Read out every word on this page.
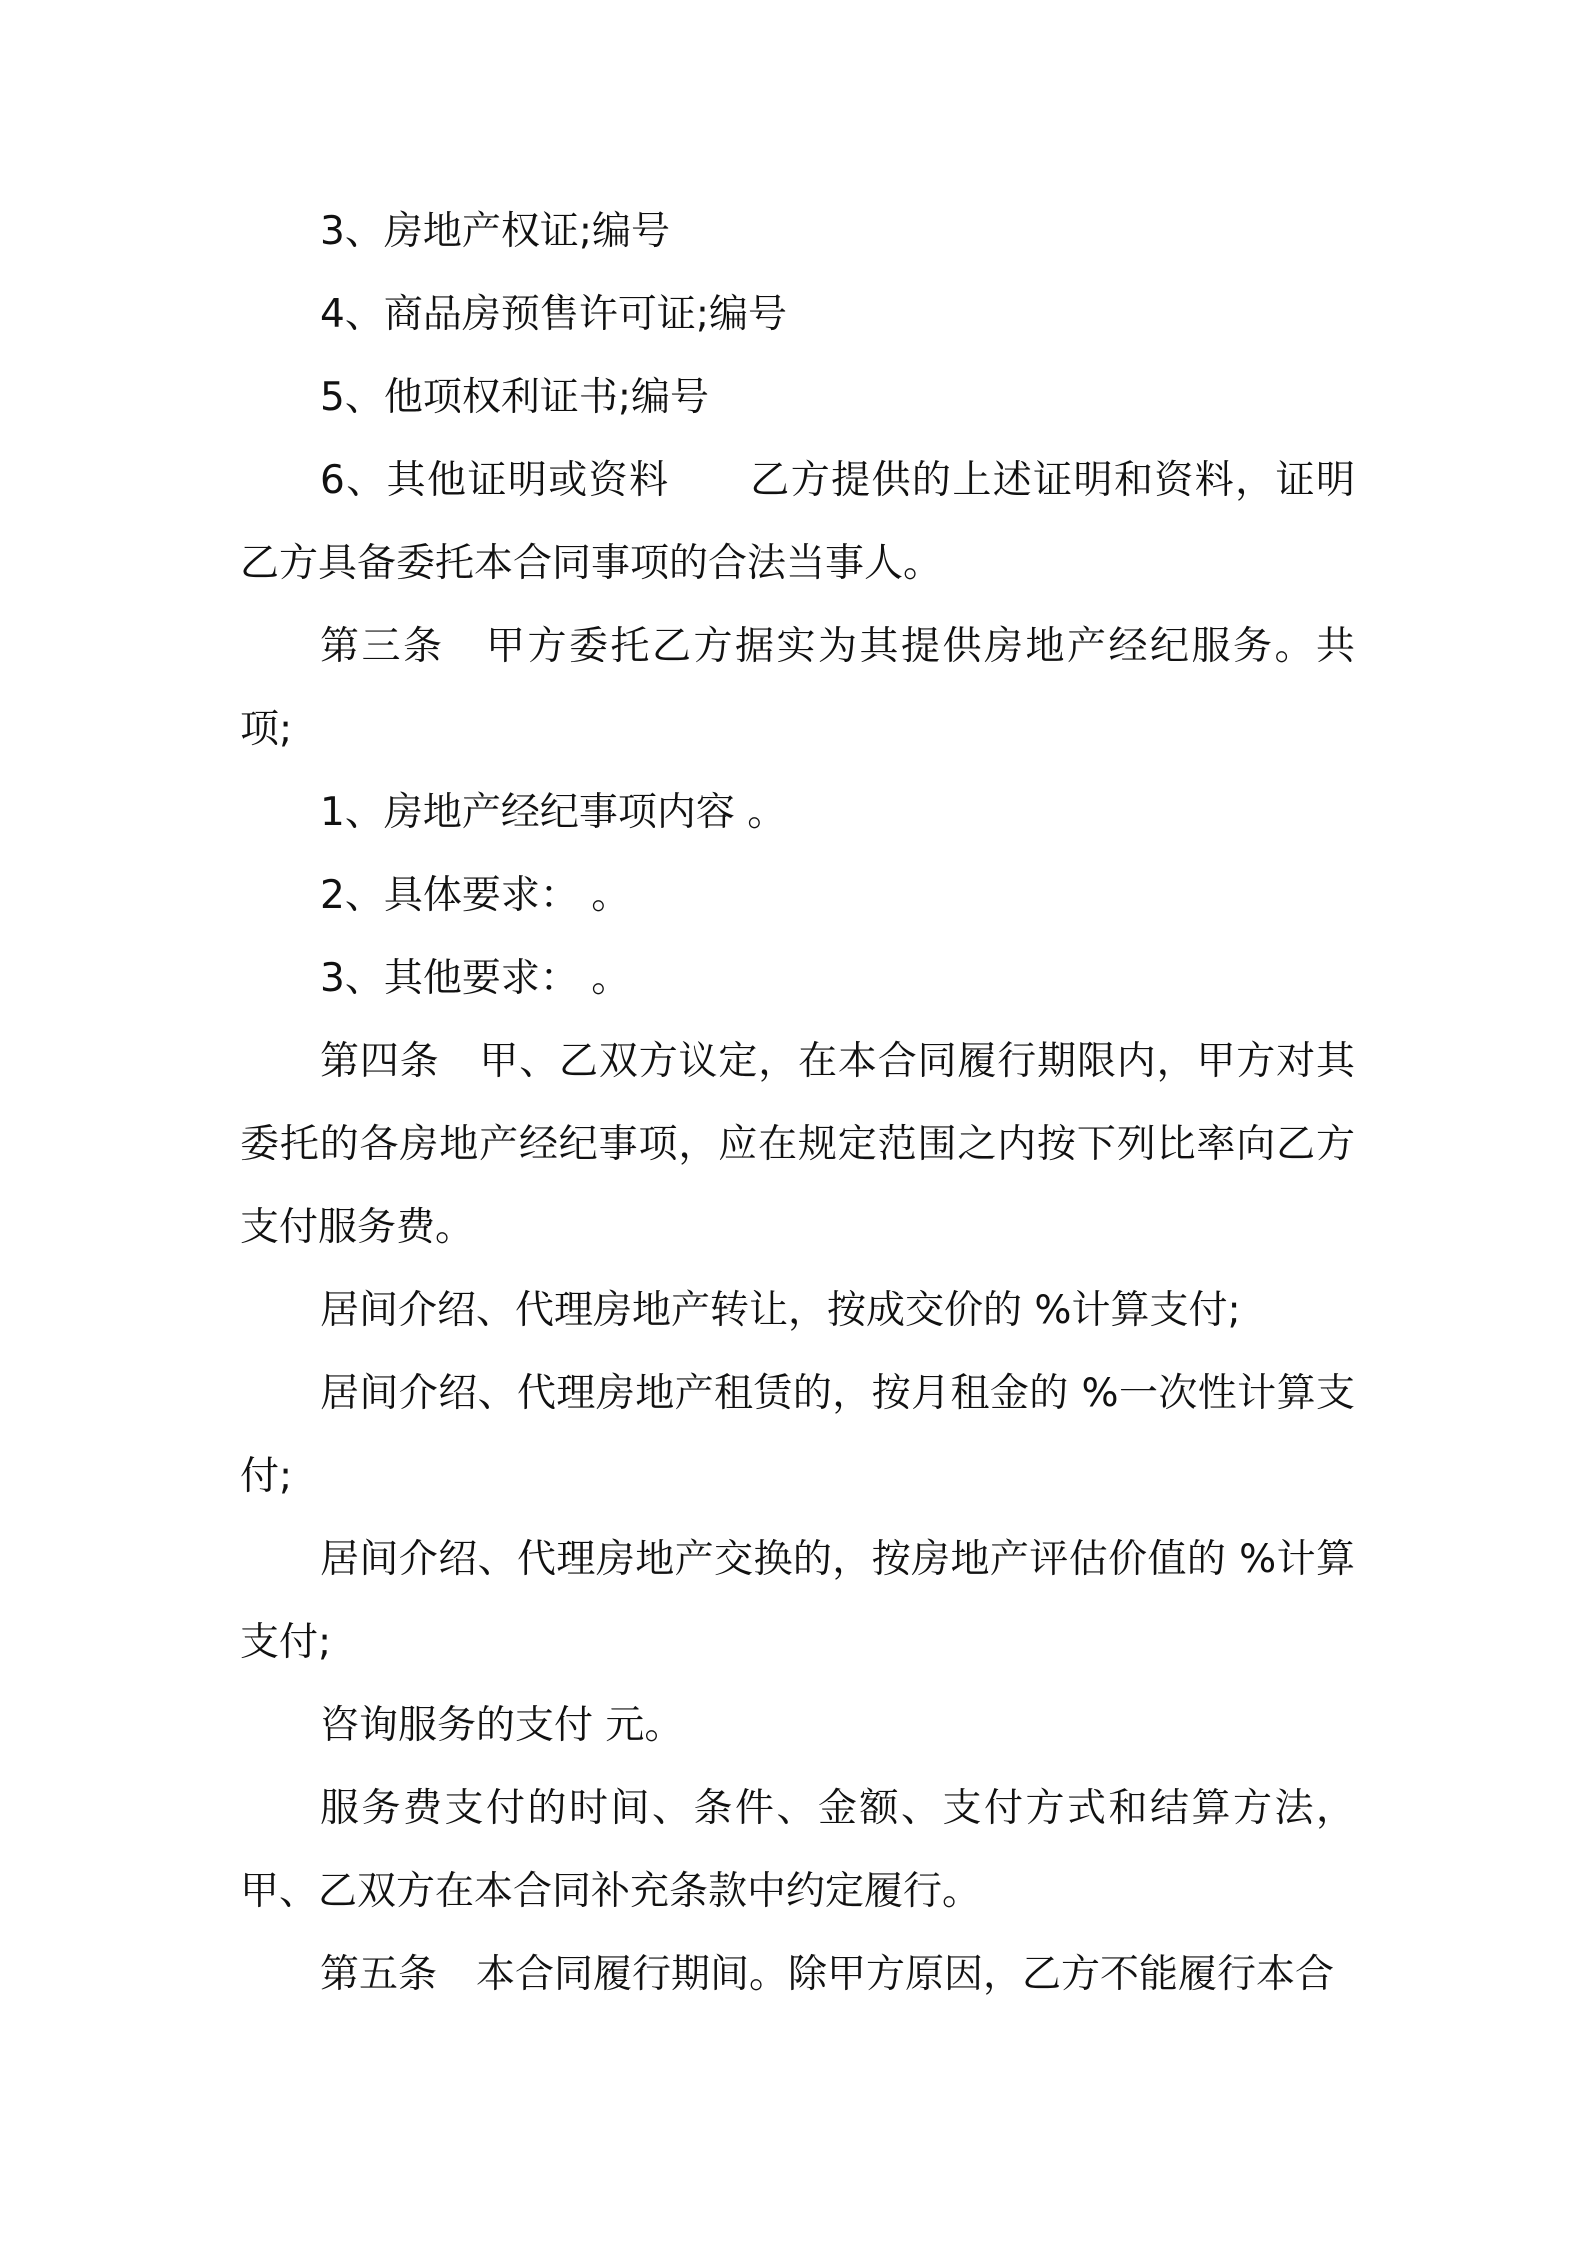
3、房地产权证;编号

4、商品房预售许可证;编号

5、他项权利证书;编号

6、其他证明或资料　　乙方提供的上述证明和资料，证明乙方具备委托本合同事项的合法当事人。

第三条　甲方委托乙方据实为其提供房地产经纪服务。共 项;

1、房地产经纪事项内容 。

2、具体要求： 。

3、其他要求： 。

第四条　甲、乙双方议定，在本合同履行期限内，甲方对其委托的各房地产经纪事项，应在规定范围之内按下列比率向乙方支付服务费。

居间介绍、代理房地产转让，按成交价的 %计算支付;

居间介绍、代理房地产租赁的，按月租金的 %一次性计算支付;

居间介绍、代理房地产交换的，按房地产评估价值的 %计算支付;

咨询服务的支付 元。

服务费支付的时间、条件、金额、支付方式和结算方法，甲、乙双方在本合同补充条款中约定履行。

第五条　本合同履行期间。除甲方原因，乙方不能履行本合
